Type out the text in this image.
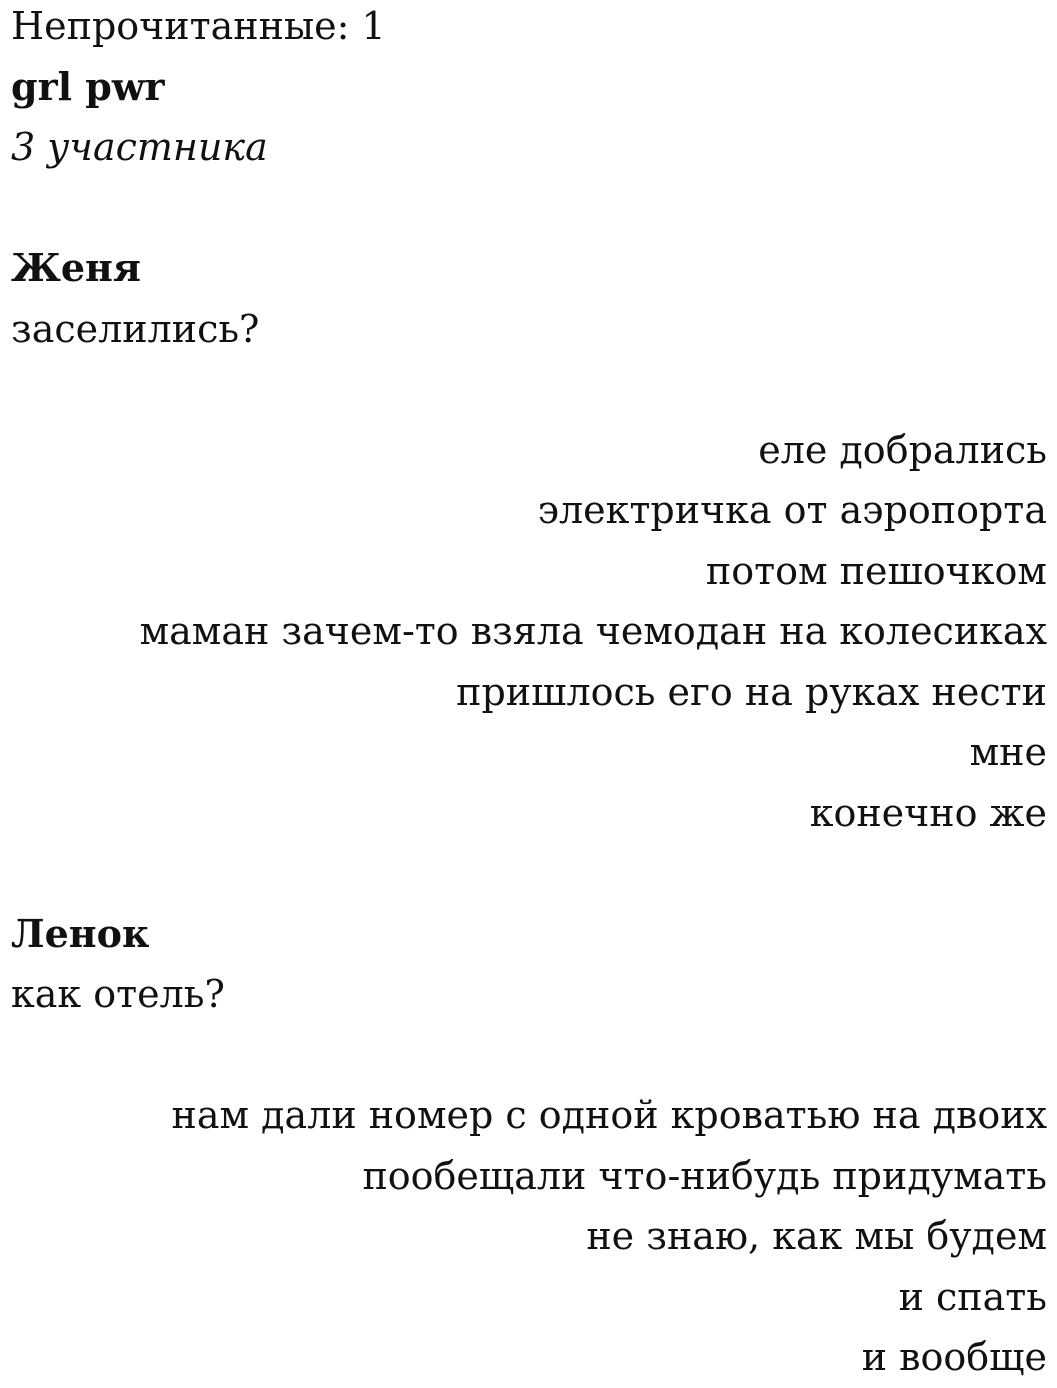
Непрочитанные: 1
grl pwr
3 участника
Женя
заселились?
еле добрались
электричка от аэропорта
потом пешочком
маман зачем-то взяла чемодан на колесиках
пришлось его на руках нести
мне
конечно же
Ленок
как отель?
нам дали номер с одной кроватью на двоих
пообещали что-нибудь придумать
не знаю, как мы будем
и спать
и вообще
